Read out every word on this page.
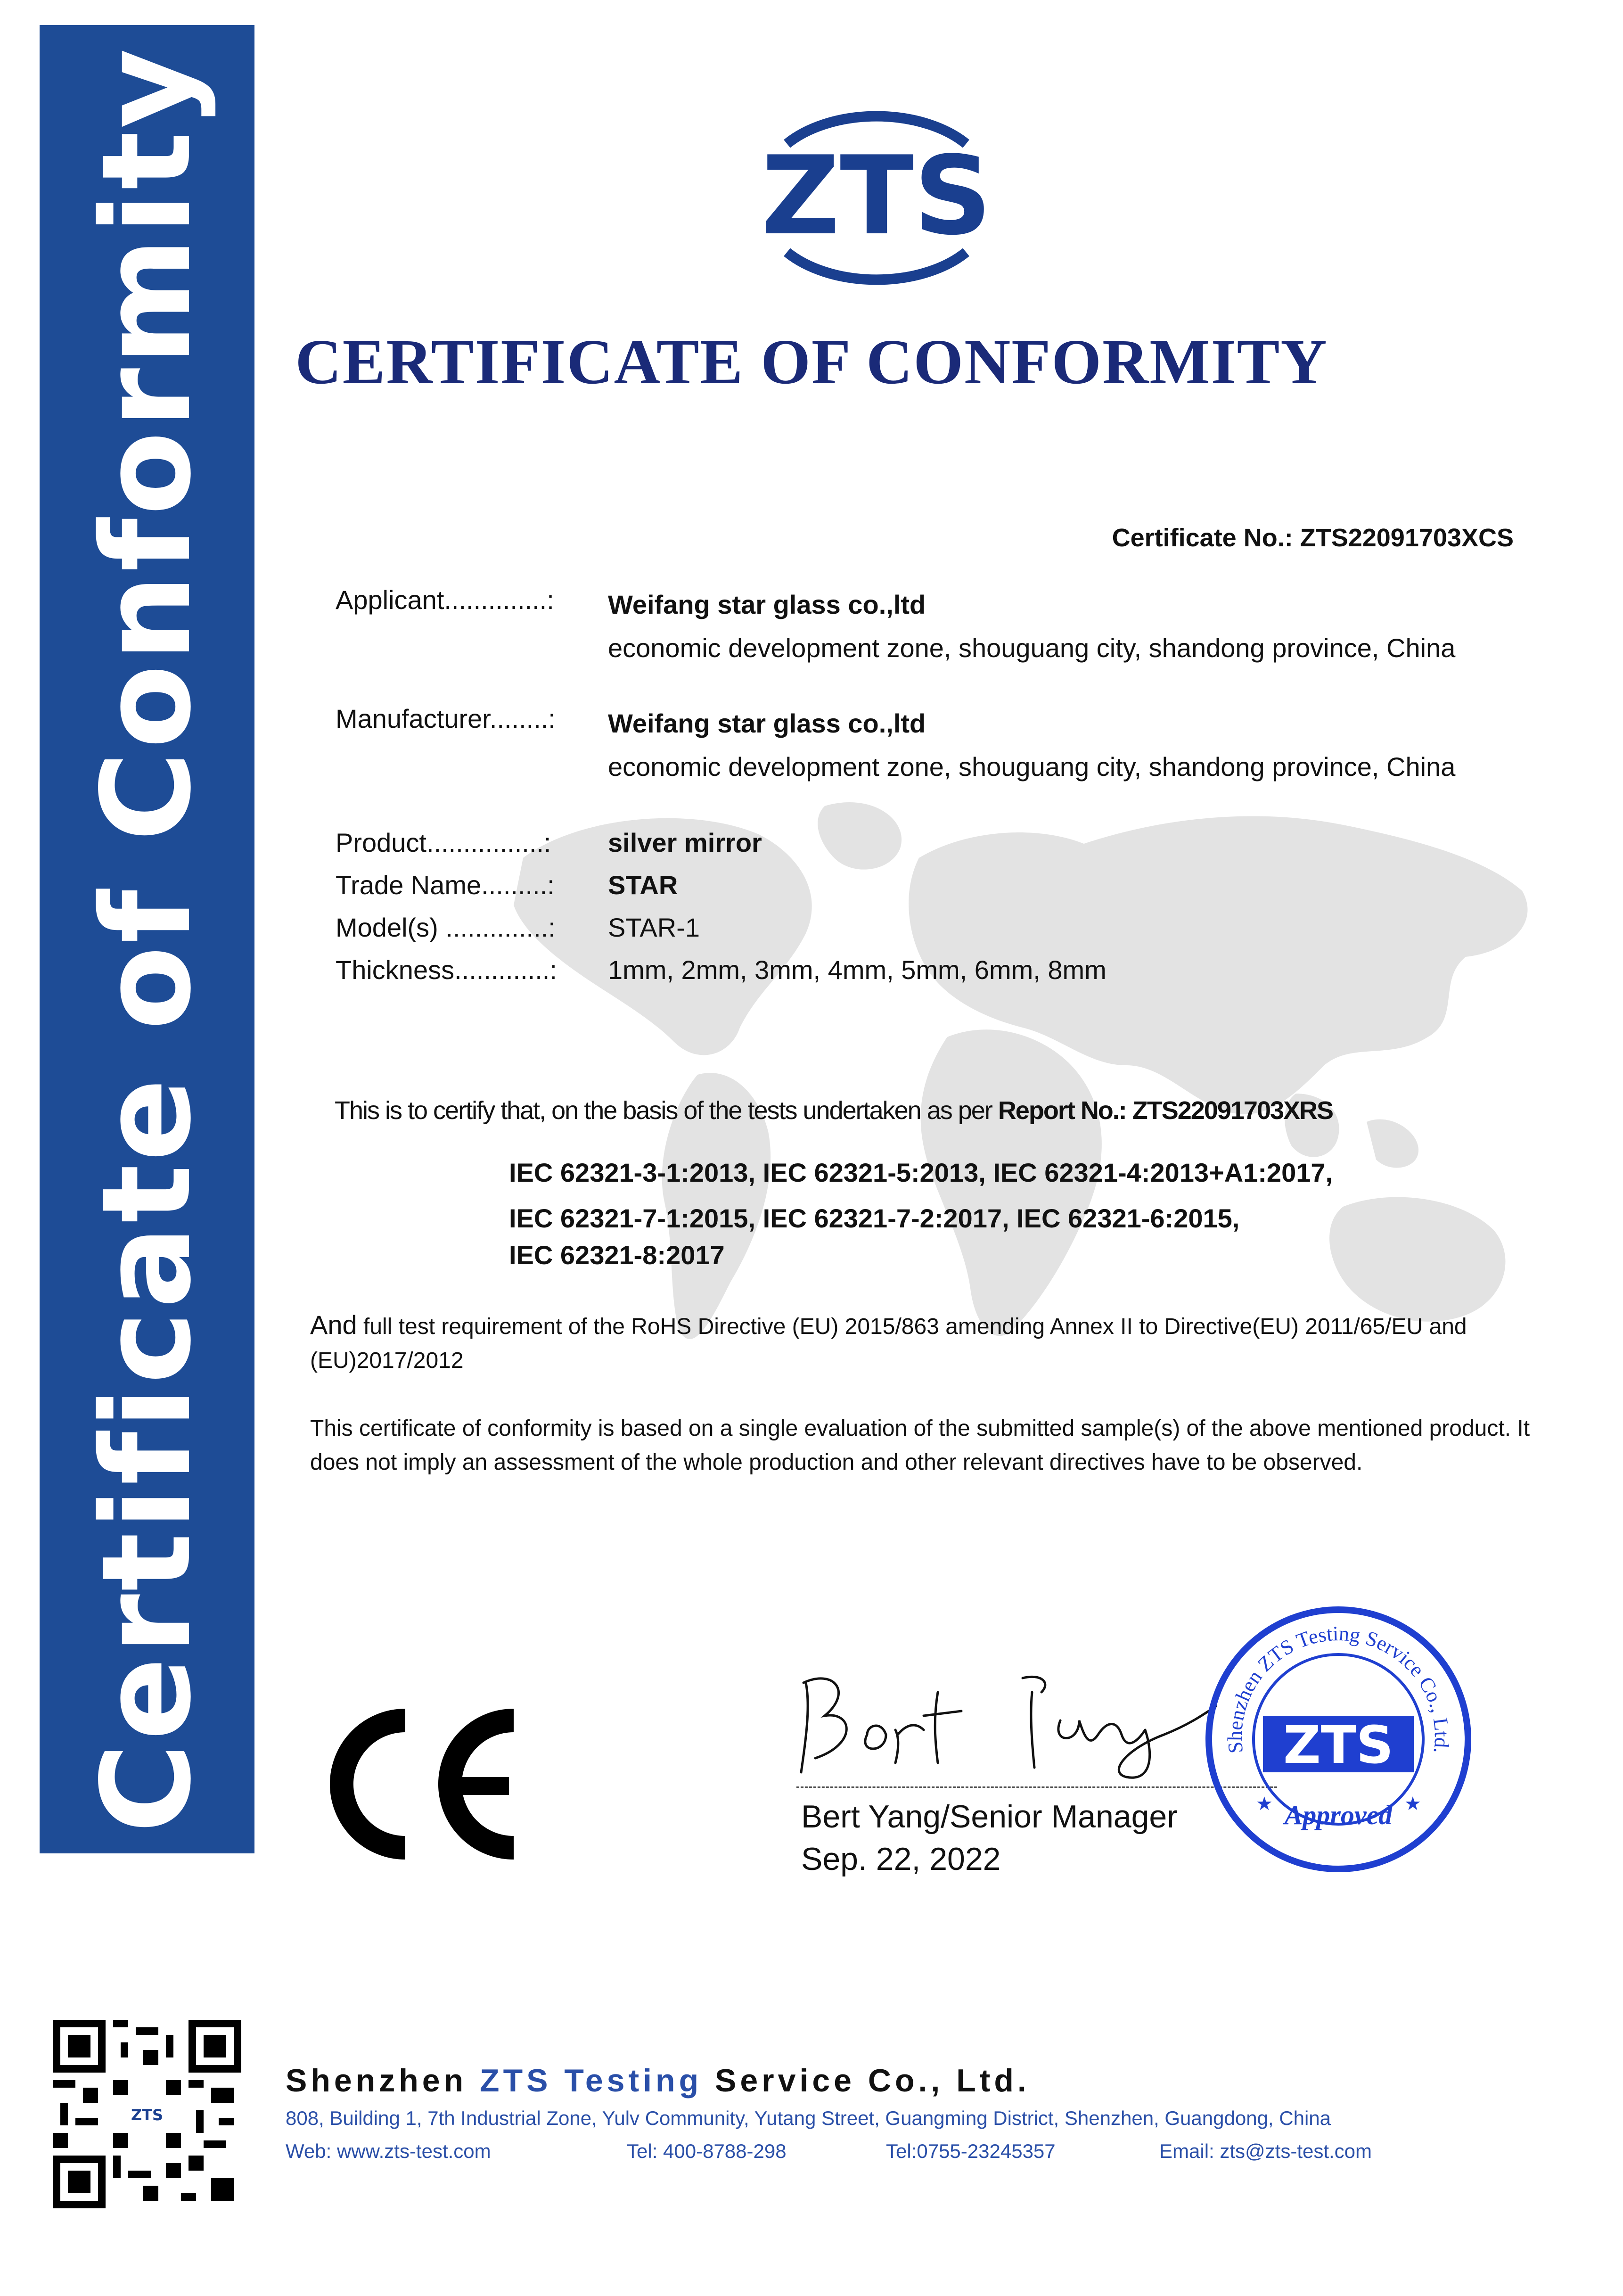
Certificate of Conformity	ZTS
CERTIFICATE OF CONFORMITY
Certificate No.: ZTS22091703XCS
Applicant..............: Weifang star glass co.,ltd
economic development zone, shouguang city, shandong province, China
Manufacturer........: Weifang star glass co.,ltd
economic development zone, shouguang city, shandong province, China
Product................: silver mirror
Trade Name.........: STAR
Model(s) ..............: STAR-1
Thickness.............: 1mm, 2mm, 3mm, 4mm, 5mm, 6mm, 8mm
This is to certify that, on the basis of the tests undertaken as per Report No.: ZTS22091703XRS
IEC 62321-3-1:2013, IEC 62321-5:2013, IEC 62321-4:2013+A1:2017,
IEC 62321-7-1:2015, IEC 62321-7-2:2017, IEC 62321-6:2015,
IEC 62321-8:2017
And full test requirement of the RoHS Directive (EU) 2015/863 amending Annex II to Directive(EU) 2011/65/EU and (EU)2017/2012
This certificate of conformity is based on a single evaluation of the submitted sample(s) of the above mentioned product. It does not imply an assessment of the whole production and other relevant directives have to be observed.
Bert Yang/Senior Manager
Sep. 22, 2022
Shenzhen ZTS Testing Service Co., Ltd.
ZTS
Approved
★	★
ZTS
Shenzhen ZTS Testing Service Co., Ltd.
808, Building 1, 7th Industrial Zone, Yulv Community, Yutang Street, Guangming District, Shenzhen, Guangdong, China
Web: www.zts-test.com	Tel: 400-8788-298	Tel:0755-23245357	Email: zts@zts-test.com
